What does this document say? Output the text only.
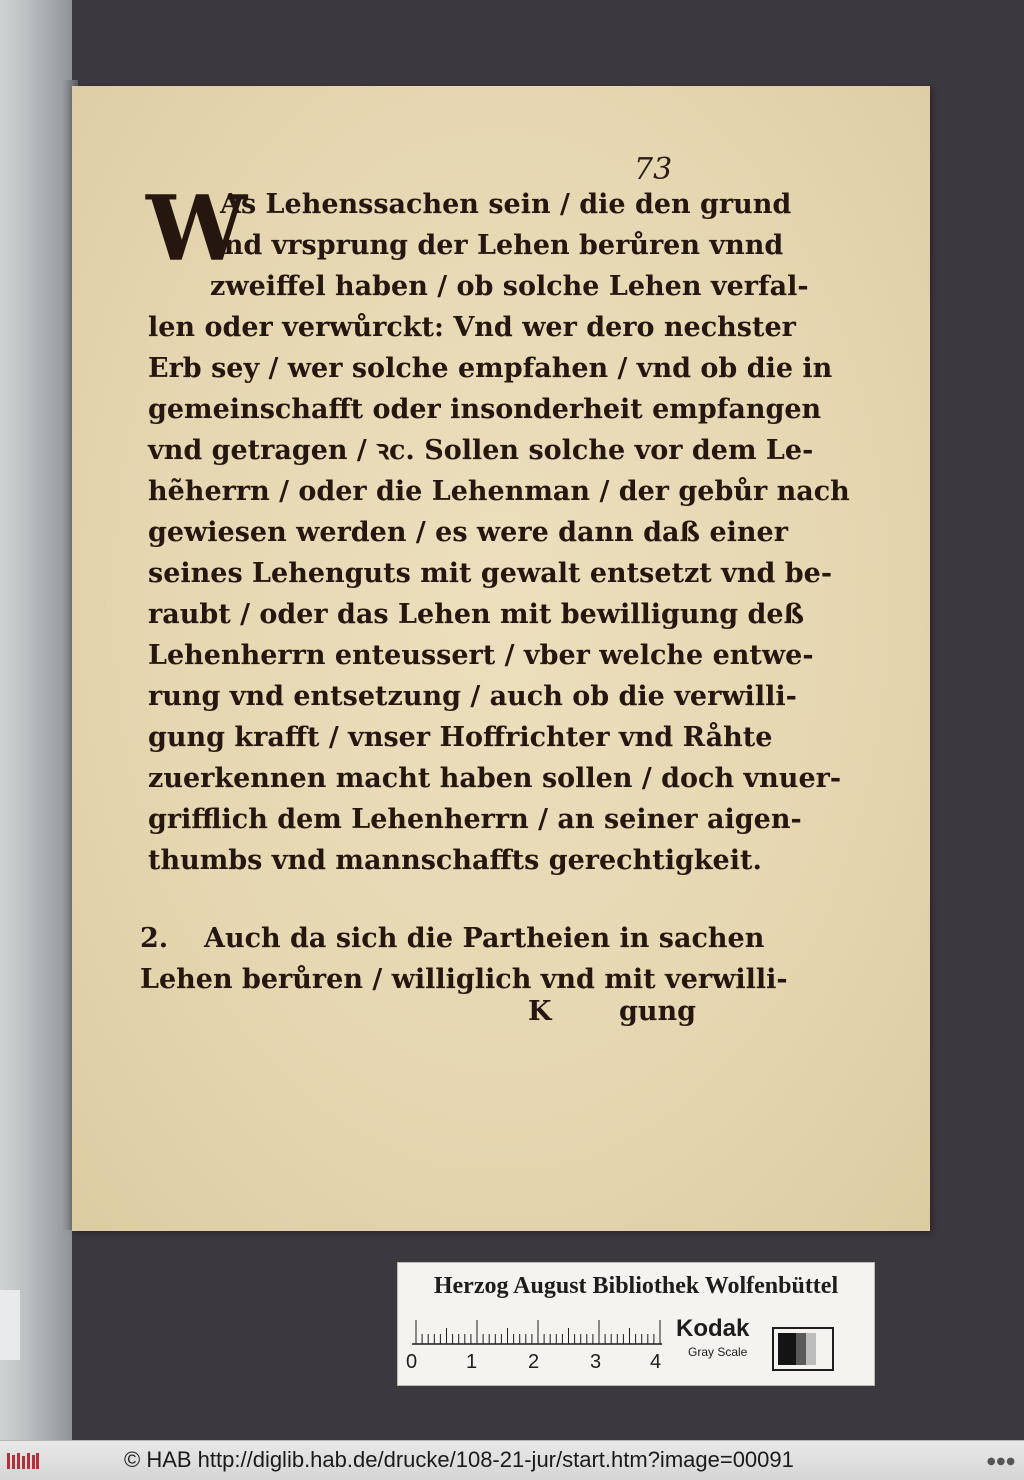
73
W
As Lehenssachen sein / die den grund
vnd vrsprung der Lehen berůren vnnd
zweiffel haben / ob solche Lehen verfal-
len oder verwůrckt: Vnd wer dero nechster
Erb sey / wer solche empfahen / vnd ob die in
gemeinschafft oder insonderheit empfangen
vnd getragen / ꝛc. Sollen solche vor dem Le-
hẽherrn / oder die Lehenman / der gebůr nach
gewiesen werden / es were dann daß einer
seines Lehenguts mit gewalt entsetzt vnd be-
raubt / oder das Lehen mit bewilligung deß
Lehenherrn enteussert / vber welche entwe-
rung vnd entsetzung / auch ob die verwilli-
gung krafft / vnser Hoffrichter vnd Råhte
zuerkennen macht haben sollen / doch vnuer-
grifflich dem Lehenherrn / an seiner aigen-
thumbs vnd mannschaffts gerechtigkeit.
2. Auch da sich die Partheien in sachen
Lehen berůren / williglich vnd mit verwilli-
K	gung
Herzog August Bibliothek Wolfenbüttel
0 1	2	3 4
Kodak
Gray Scale
© HAB http://diglib.hab.de/drucke/108-21-jur/start.htm?image=00091	●●●
